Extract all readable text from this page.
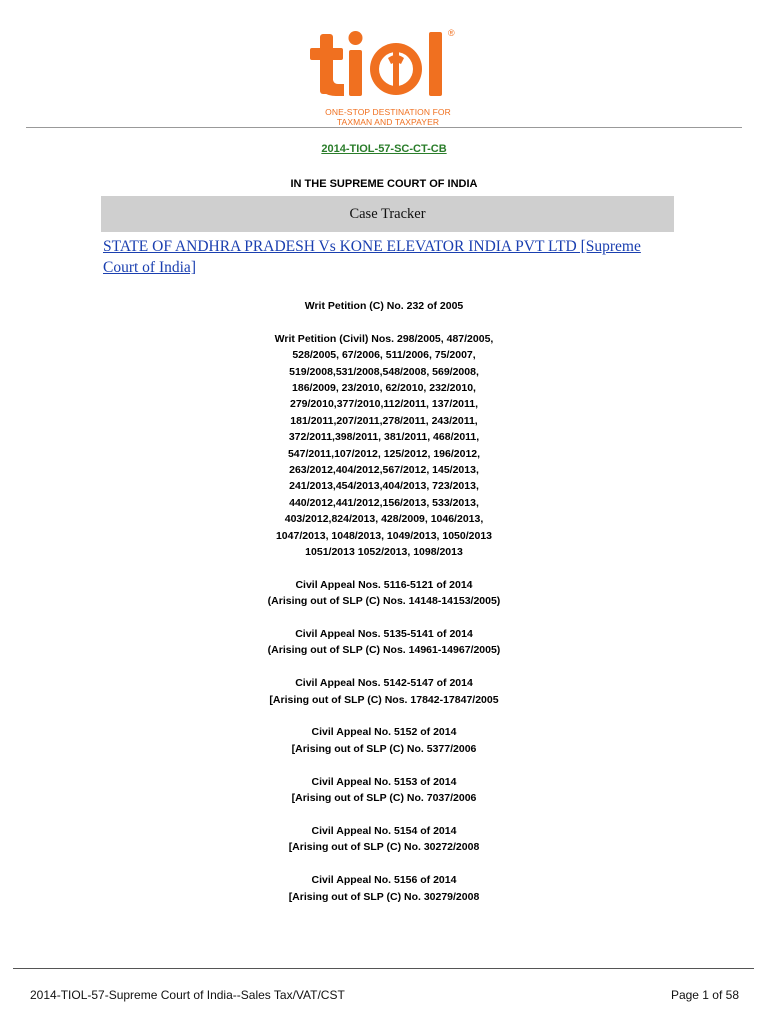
®
ONE-STOP DESTINATION FOR
TAXMAN AND TAXPAYER
2014-TIOL-57-SC-CT-CB
IN THE SUPREME COURT OF INDIA
Case Tracker
STATE OF ANDHRA PRADESH Vs KONE ELEVATOR INDIA PVT LTD [Supreme Court of India]
Writ Petition (C) No. 232 of 2005
Writ Petition (Civil) Nos. 298/2005, 487/2005,
528/2005, 67/2006, 511/2006, 75/2007,
519/2008,531/2008,548/2008, 569/2008,
186/2009, 23/2010, 62/2010, 232/2010,
279/2010,377/2010,112/2011, 137/2011,
181/2011,207/2011,278/2011, 243/2011,
372/2011,398/2011, 381/2011, 468/2011,
547/2011,107/2012, 125/2012, 196/2012,
263/2012,404/2012,567/2012, 145/2013,
241/2013,454/2013,404/2013, 723/2013,
440/2012,441/2012,156/2013, 533/2013,
403/2012,824/2013, 428/2009, 1046/2013,
1047/2013, 1048/2013, 1049/2013, 1050/2013
1051/2013 1052/2013, 1098/2013
Civil Appeal Nos. 5116-5121 of 2014
(Arising out of SLP (C) Nos. 14148-14153/2005)
Civil Appeal Nos. 5135-5141 of 2014
(Arising out of SLP (C) Nos. 14961-14967/2005)
Civil Appeal Nos. 5142-5147 of 2014
[Arising out of SLP (C) Nos. 17842-17847/2005
Civil Appeal No. 5152 of 2014
[Arising out of SLP (C) No. 5377/2006
Civil Appeal No. 5153 of 2014
[Arising out of SLP (C) No. 7037/2006
Civil Appeal No. 5154 of 2014
[Arising out of SLP (C) No. 30272/2008
Civil Appeal No. 5156 of 2014
[Arising out of SLP (C) No. 30279/2008
2014-TIOL-57-Supreme Court of India--Sales Tax/VAT/CST	Page 1 of 58
